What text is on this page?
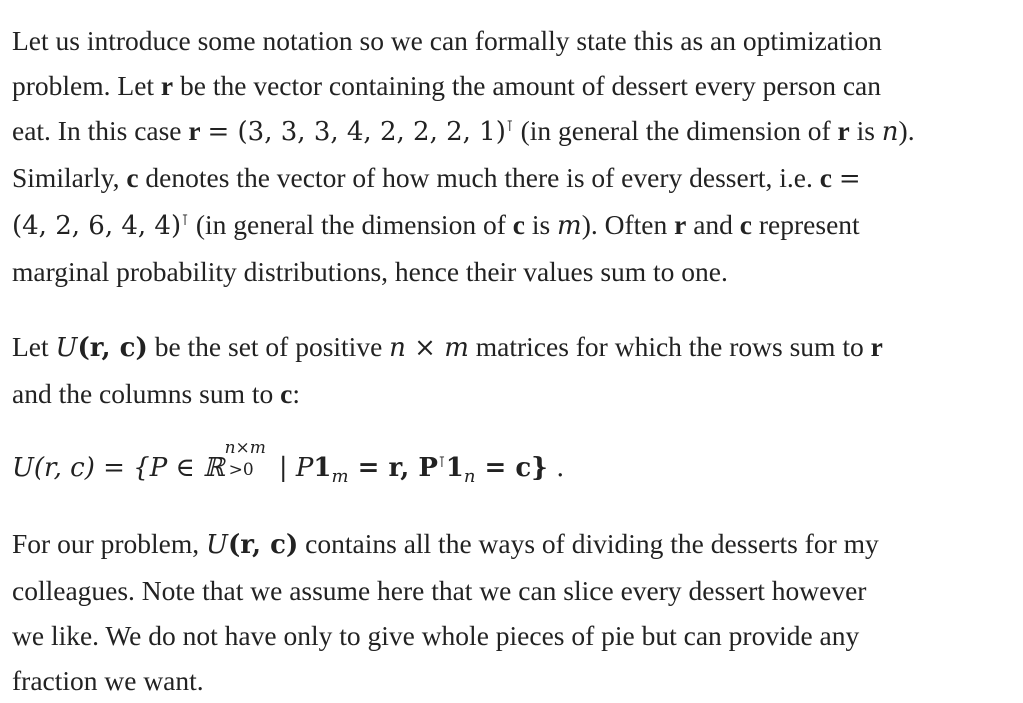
Let us introduce some notation so we can formally state this as an optimization
problem. Let r be the vector containing the amount of dessert every person can
eat. In this case r = (3, 3, 3, 4, 2, 2, 2, 1)⊺ (in general the dimension of r is n).
Similarly, c denotes the vector of how much there is of every dessert, i.e. c =
(4, 2, 6, 4, 4)⊺ (in general the dimension of c is m). Often r and c represent
marginal probability distributions, hence their values sum to one.

Let U(r, c) be the set of positive n × m matrices for which the rows sum to r
and the columns sum to c:

U(r, c) = {P ∈ ℝ
n×m
>0 | $P1_m = r$, $P^⊺1_n = c$} .

For our problem, U(r, c) contains all the ways of dividing the desserts for my
colleagues. Note that we assume here that we can slice every dessert however
we like. We do not have only to give whole pieces of pie but can provide any
fraction we want.
